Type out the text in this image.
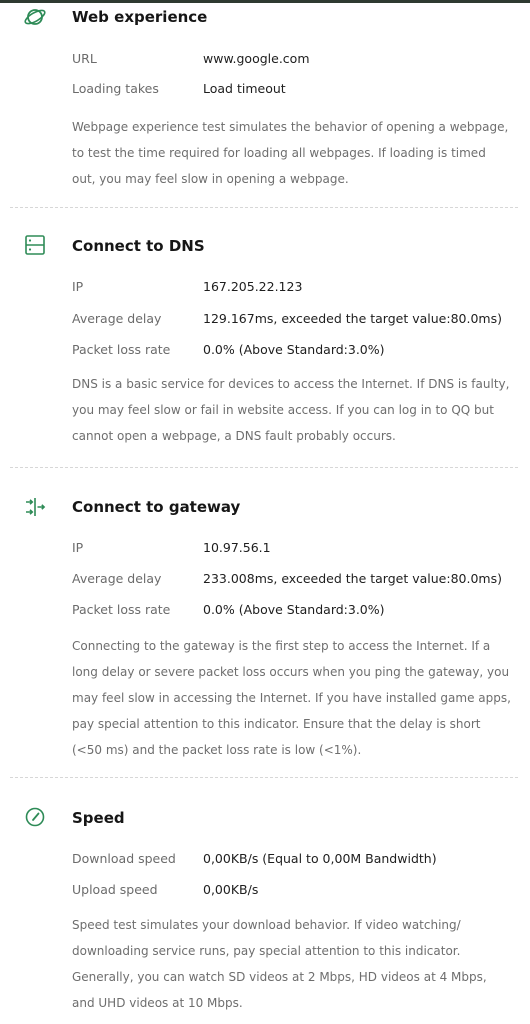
Web experience
URL	www.google.com
Loading takes	Load timeout
Webpage experience test simulates the behavior of opening a webpage, to test the time required for loading all webpages. If loading is timed out, you may feel slow in opening a webpage.
Connect to DNS
IP	167.205.22.123
Average delay	129.167ms, exceeded the target value:80.0ms)
Packet loss rate	0.0% (Above Standard:3.0%)
DNS is a basic service for devices to access the Internet. If DNS is faulty, you may feel slow or fail in website access. If you can log in to QQ but cannot open a webpage, a DNS fault probably occurs.
Connect to gateway
IP	10.97.56.1
Average delay	233.008ms, exceeded the target value:80.0ms)
Packet loss rate	0.0% (Above Standard:3.0%)
Connecting to the gateway is the first step to access the Internet. If a long delay or severe packet loss occurs when you ping the gateway, you may feel slow in accessing the Internet. If you have installed game apps, pay special attention to this indicator. Ensure that the delay is short (<50 ms) and the packet loss rate is low (<1%).
Speed
Download speed 0,00KB/s (Equal to 0,00M Bandwidth)
Upload speed	0,00KB/s
Speed test simulates your download behavior. If video watching/ downloading service runs, pay special attention to this indicator. Generally, you can watch SD videos at 2 Mbps, HD videos at 4 Mbps, and UHD videos at 10 Mbps.
